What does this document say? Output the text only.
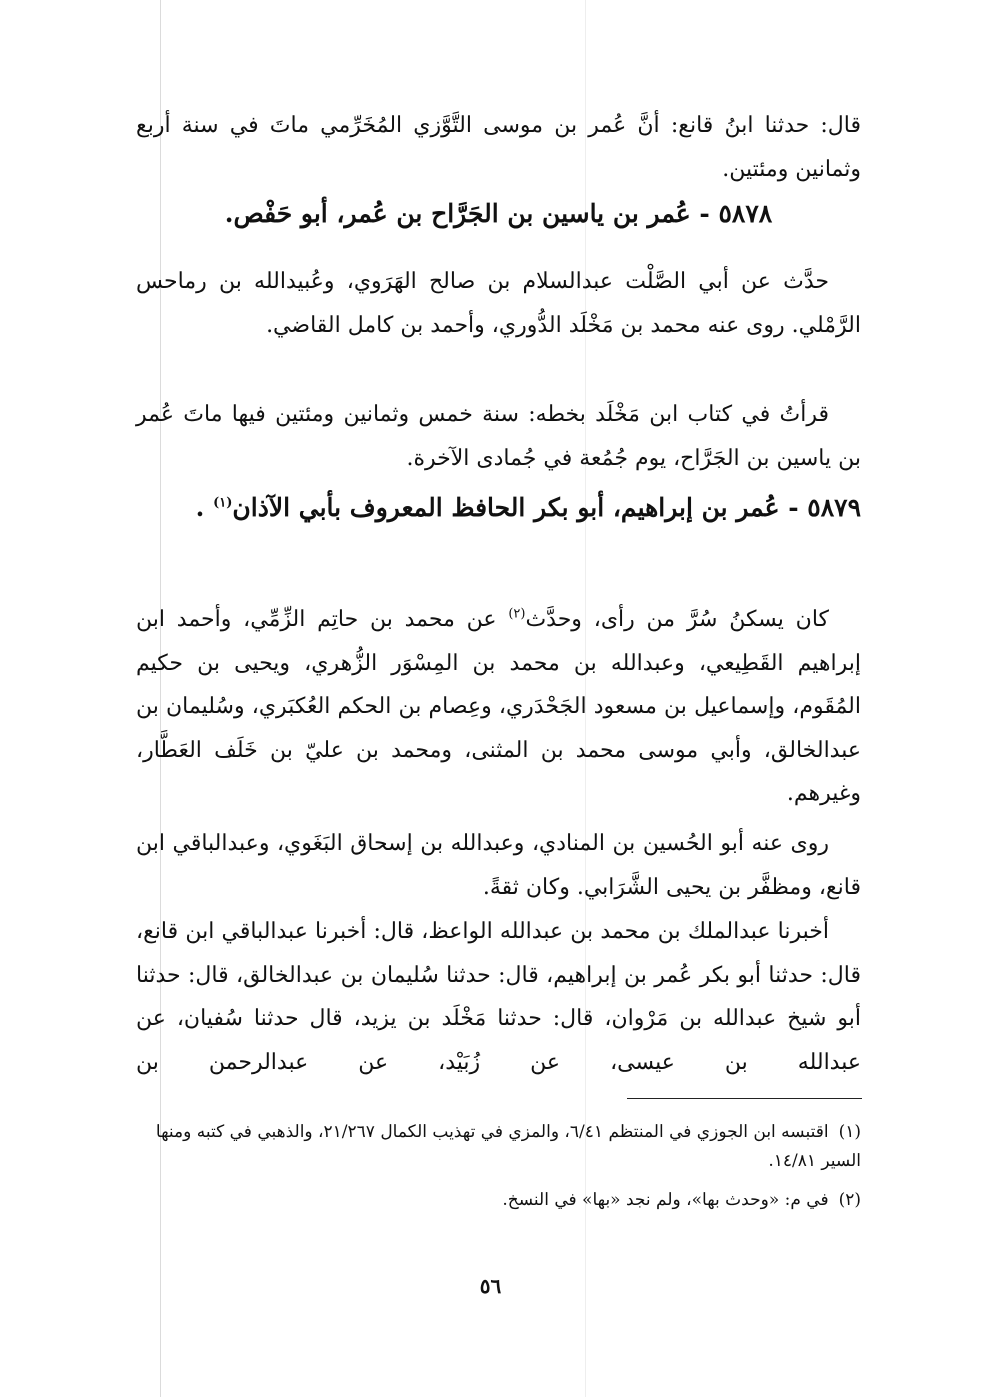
قال: حدثنا ابنُ قانع: أنَّ عُمر بن موسى التَّوَّزي المُخَرِّمي ماتَ في سنة أربع وثمانين ومئتين.

٥٨٧٨ - عُمر بن ياسين بن الجَرَّاح بن عُمر، أبو حَفْص.

حدَّث عن أبي الصَّلْت عبدالسلام بن صالح الهَرَوي، وعُبيدالله بن رماحس الرَّمْلي. روى عنه محمد بن مَخْلَد الدُّوري، وأحمد بن كامل القاضي.

قرأتُ في كتاب ابن مَخْلَد بخطه: سنة خمس وثمانين ومئتين فيها ماتَ عُمر بن ياسين بن الجَرَّاح، يوم جُمُعة في جُمادى الآخرة.

٥٨٧٩ - عُمر بن إبراهيم، أبو بكر الحافظ المعروف بأبي الآذان$^{(١)}$ .

كان يسكنُ سُرَّ من رأى، وحدَّث$^{(٢)}$ عن محمد بن حاتِم الزِّمِّي، وأحمد ابن إبراهيم القَطِيعي، وعبدالله بن محمد بن المِسْوَر الزُّهري، ويحيى بن حكيم المُقَوم، وإسماعيل بن مسعود الجَحْدَري، وعِصام بن الحكم العُكبَري، وسُليمان بن عبدالخالق، وأبي موسى محمد بن المثنى، ومحمد بن عليّ بن خَلَف العَطَّار، وغيرهم.

روى عنه أبو الحُسين بن المنادي، وعبدالله بن إسحاق البَغَوي، وعبدالباقي ابن قانع، ومظفَّر بن يحيى الشَّرَابي. وكان ثقةً.

أخبرنا عبدالملك بن محمد بن عبدالله الواعظ، قال: أخبرنا عبدالباقي ابن قانع، قال: حدثنا أبو بكر عُمر بن إبراهيم، قال: حدثنا سُليمان بن عبدالخالق، قال: حدثنا أبو شيخ عبدالله بن مَرْوان، قال: حدثنا مَخْلَد بن يزيد، قال حدثنا سُفيان، عن عبدالله بن عيسى، عن زُبَيْد، عن عبدالرحمن بن

(١)اقتبسه ابن الجوزي في المنتظم ٦/٤١، والمزي في تهذيب الكمال ٢١/٢٦٧، والذهبي في كتبه ومنها السير ١٤/٨١.

(٢)في م: «وحدث بها»، ولم نجد «بها» في النسخ.

٥٦
